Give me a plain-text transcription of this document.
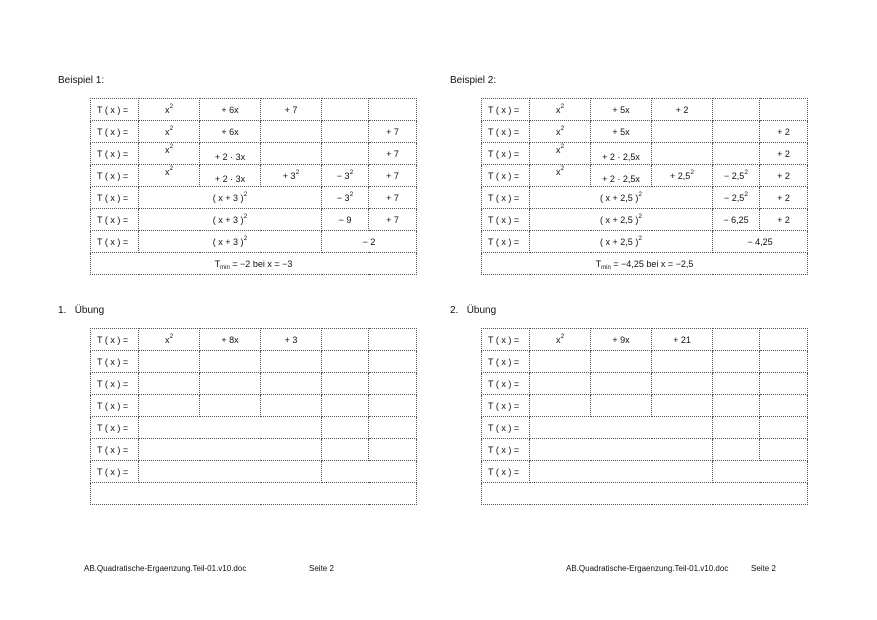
Beispiel 1:	Beispiel 2:
1. Übung	2. Übung
T ( x ) =	$x^2$	+ 6x	+ 7		
T ( x ) =	$x^2$	+ 6x			+ 7
T ( x ) =	$x^2$	+ 2 · 3x			+ 7
T ( x ) =	$x^2$	+ 2 · 3x	+ $3^2$	− $3^2$	+ 7
T ( x ) =	( x + 3 )$^2$			− $3^2$	+ 7
T ( x ) =	( x + 3 )$^2$			− 9	+ 7
T ( x ) =	( x + 3 )$^2$			− 2	
$T_{min} = -2$ bei x = −3					
T ( x ) =	$x^2$	+ 5x	+ 2		
T ( x ) =	$x^2$	+ 5x			+ 2
T ( x ) =	$x^2$	+ 2 · 2,5x			+ 2
T ( x ) =	$x^2$	+ 2 · 2,5x	+ $2,5^2$	− $2,5^2$	+ 2
T ( x ) =	( x + 2,5 )$^2$			− $2,5^2$	+ 2
T ( x ) =	( x + 2,5 )$^2$			− 6,25	+ 2
T ( x ) =	( x + 2,5 )$^2$			− 4,25	
$T_{min} = -4,25$ bei x = −2,5					
T ( x ) =	$x^2$	+ 8x	+ 3		
T ( x ) =					
T ( x ) =					
T ( x ) =					
T ( x ) =					
T ( x ) =					
T ( x ) =					

T ( x ) =	$x^2$	+ 9x	+ 21		
T ( x ) =					
T ( x ) =					
T ( x ) =					
T ( x ) =					
T ( x ) =					
T ( x ) =					

AB.Quadratische-Ergaenzung.Teil-01.v10.doc	Seite 2	AB.Quadratische-Ergaenzung.Teil-01.v10.doc	Seite 2
